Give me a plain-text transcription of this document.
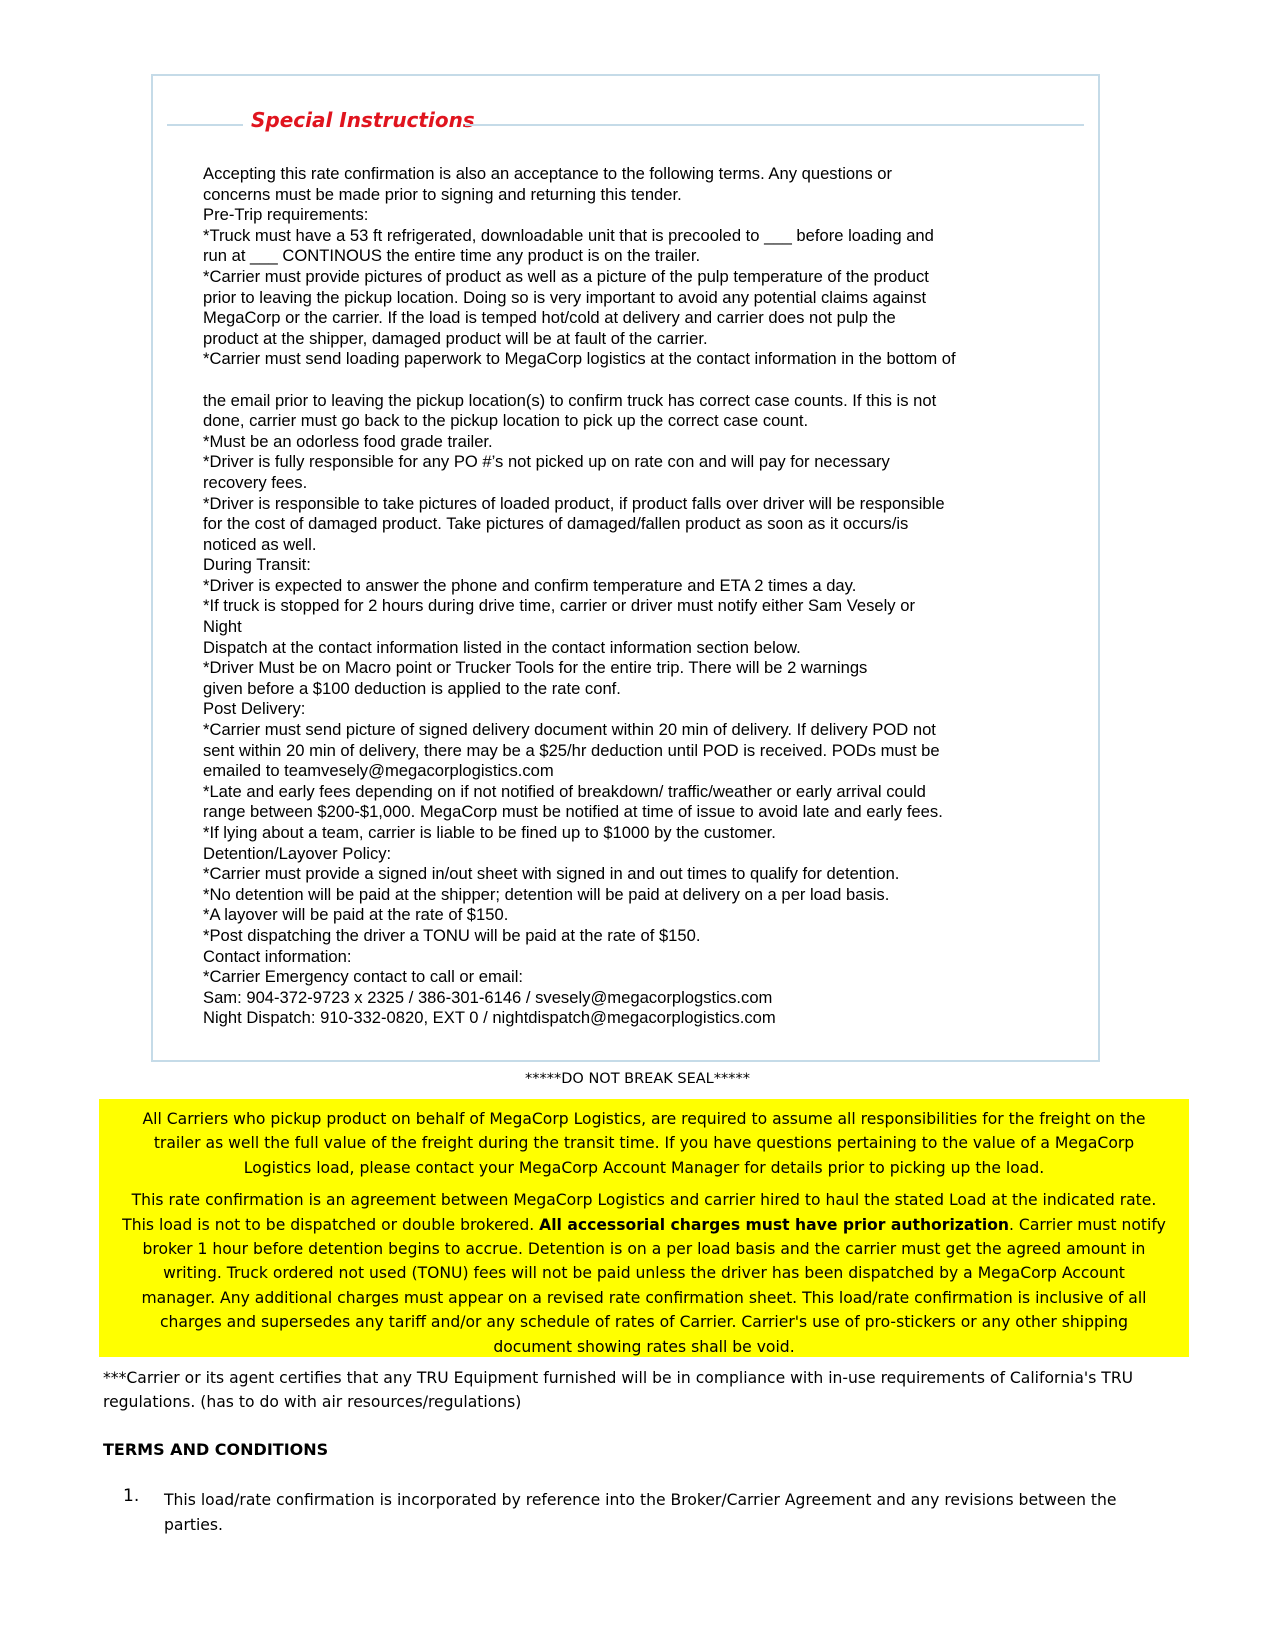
Special Instructions
Accepting this rate confirmation is also an acceptance to the following terms. Any questions or
concerns must be made prior to signing and returning this tender.
Pre-Trip requirements:
*Truck must have a 53 ft refrigerated, downloadable unit that is precooled to ___ before loading and
run at ___ CONTINOUS the entire time any product is on the trailer.
*Carrier must provide pictures of product as well as a picture of the pulp temperature of the product
prior to leaving the pickup location. Doing so is very important to avoid any potential claims against
MegaCorp or the carrier. If the load is temped hot/cold at delivery and carrier does not pulp the
product at the shipper, damaged product will be at fault of the carrier.
*Carrier must send loading paperwork to MegaCorp logistics at the contact information in the bottom of
the email prior to leaving the pickup location(s) to confirm truck has correct case counts. If this is not
done, carrier must go back to the pickup location to pick up the correct case count.
*Must be an odorless food grade trailer.
*Driver is fully responsible for any PO #’s not picked up on rate con and will pay for necessary
recovery fees.
*Driver is responsible to take pictures of loaded product, if product falls over driver will be responsible
for the cost of damaged product. Take pictures of damaged/fallen product as soon as it occurs/is
noticed as well.
During Transit:
*Driver is expected to answer the phone and confirm temperature and ETA 2 times a day.
*If truck is stopped for 2 hours during drive time, carrier or driver must notify either Sam Vesely or
Night
Dispatch at the contact information listed in the contact information section below.
*Driver Must be on Macro point or Trucker Tools for the entire trip. There will be 2 warnings
given before a $100 deduction is applied to the rate conf.
Post Delivery:
*Carrier must send picture of signed delivery document within 20 min of delivery. If delivery POD not
sent within 20 min of delivery, there may be a $25/hr deduction until POD is received. PODs must be
emailed to teamvesely@megacorplogistics.com
*Late and early fees depending on if not notified of breakdown/ traffic/weather or early arrival could
range between $200-$1,000. MegaCorp must be notified at time of issue to avoid late and early fees.
*If lying about a team, carrier is liable to be fined up to $1000 by the customer.
Detention/Layover Policy:
*Carrier must provide a signed in/out sheet with signed in and out times to qualify for detention.
*No detention will be paid at the shipper; detention will be paid at delivery on a per load basis.
*A layover will be paid at the rate of $150.
*Post dispatching the driver a TONU will be paid at the rate of $150.
Contact information:
*Carrier Emergency contact to call or email:
Sam: 904-372-9723 x 2325 / 386-301-6146 / svesely@megacorplogstics.com
Night Dispatch: 910-332-0820, EXT 0 / nightdispatch@megacorplogistics.com
*****DO NOT BREAK SEAL*****
All Carriers who pickup product on behalf of MegaCorp Logistics, are required to assume all responsibilities for the freight on the
trailer as well the full value of the freight during the transit time. If you have questions pertaining to the value of a MegaCorp
Logistics load, please contact your MegaCorp Account Manager for details prior to picking up the load.
This rate confirmation is an agreement between MegaCorp Logistics and carrier hired to haul the stated Load at the indicated rate.
This load is not to be dispatched or double brokered. All accessorial charges must have prior authorization. Carrier must notify
broker 1 hour before detention begins to accrue. Detention is on a per load basis and the carrier must get the agreed amount in
writing. Truck ordered not used (TONU) fees will not be paid unless the driver has been dispatched by a MegaCorp Account
manager. Any additional charges must appear on a revised rate confirmation sheet. This load/rate confirmation is inclusive of all
charges and supersedes any tariff and/or any schedule of rates of Carrier. Carrier's use of pro-stickers or any other shipping
document showing rates shall be void.
***Carrier or its agent certifies that any TRU Equipment furnished will be in compliance with in-use requirements of California's TRU
regulations. (has to do with air resources/regulations)
TERMS AND CONDITIONS
1. This load/rate confirmation is incorporated by reference into the Broker/Carrier Agreement and any revisions between the
parties.
